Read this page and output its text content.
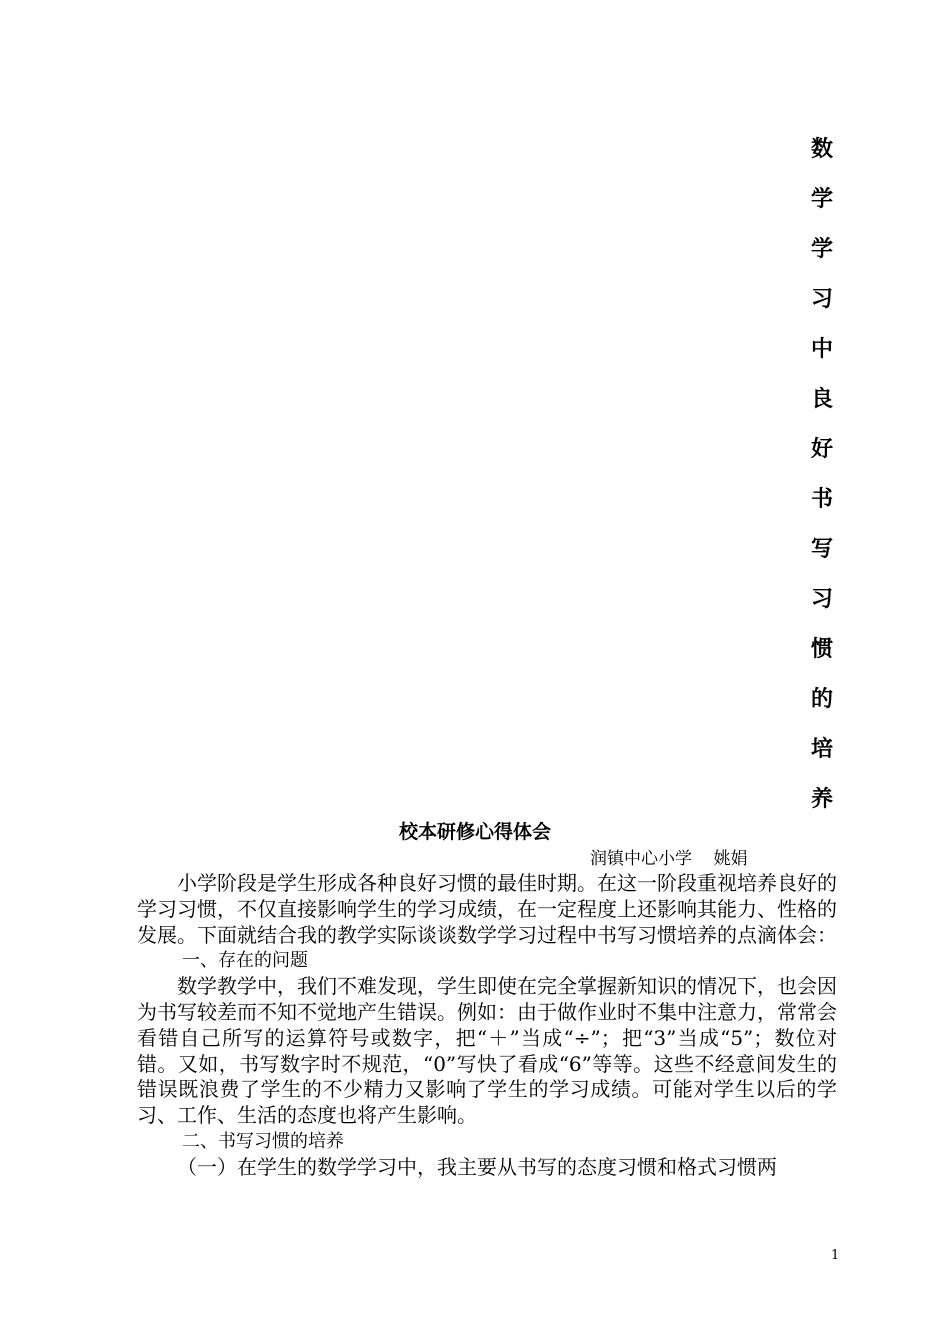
数
学
学
习
中
良
好
书
写
习
惯
的
培
养
校本研修心得体会
润镇中心小学    姚娟

小学阶段是学生形成各种良好习惯的最佳时期。在这一阶段重视培养良好的学习习惯，不仅直接影响学生的学习成绩，在一定程度上还影响其能力、性格的发展。下面就结合我的教学实际谈谈数学学习过程中书写习惯培养的点滴体会：

一、存在的问题

数学教学中，我们不难发现，学生即使在完全掌握新知识的情况下，也会因为书写较差而不知不觉地产生错误。例如：由于做作业时不集中注意力，常常会看错自己所写的运算符号或数字，把“＋”当成“÷”；把“3”当成“5”；数位对错。又如，书写数字时不规范，“0”写快了看成“6”等等。这些不经意间发生的错误既浪费了学生的不少精力又影响了学生的学习成绩。可能对学生以后的学习、工作、生活的态度也将产生影响。

二、书写习惯的培养

（一）在学生的数学学习中，我主要从书写的态度习惯和格式习惯两

1
